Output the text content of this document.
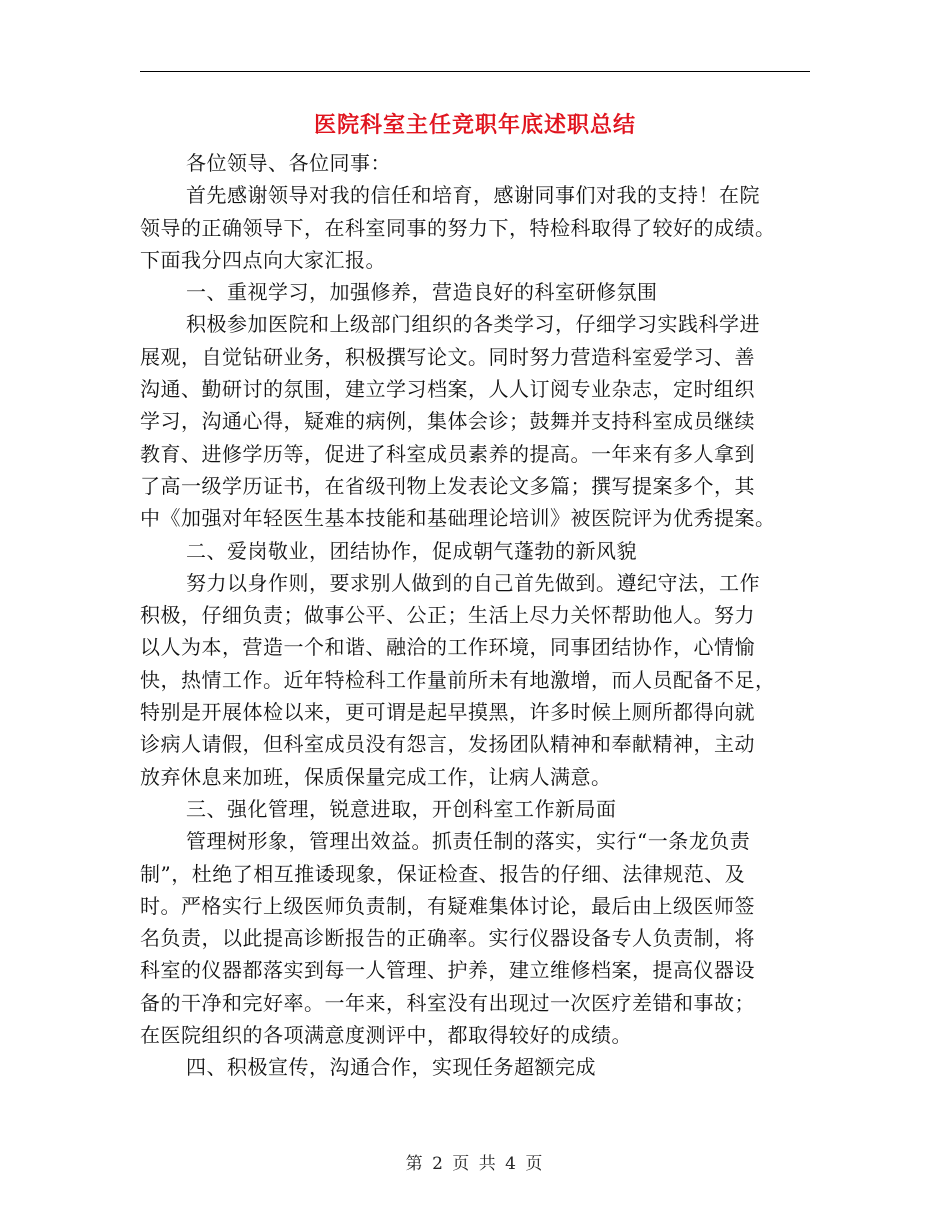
医院科室主任竞职年底述职总结

各位领导、各位同事：

首先感谢领导对我的信任和培育，感谢同事们对我的支持！在院
领导的正确领导下，在科室同事的努力下，特检科取得了较好的成绩。
下面我分四点向大家汇报。

一、重视学习，加强修养，营造良好的科室研修氛围

积极参加医院和上级部门组织的各类学习，仔细学习实践科学进
展观，自觉钻研业务，积极撰写论文。同时努力营造科室爱学习、善
沟通、勤研讨的氛围，建立学习档案，人人订阅专业杂志，定时组织
学习，沟通心得，疑难的病例，集体会诊；鼓舞并支持科室成员继续
教育、进修学历等，促进了科室成员素养的提高。一年来有多人拿到
了高一级学历证书，在省级刊物上发表论文多篇；撰写提案多个，其
中《加强对年轻医生基本技能和基础理论培训》被医院评为优秀提案。

二、爱岗敬业，团结协作，促成朝气蓬勃的新风貌

努力以身作则，要求别人做到的自己首先做到。遵纪守法，工作
积极，仔细负责；做事公平、公正；生活上尽力关怀帮助他人。努力
以人为本，营造一个和谐、融洽的工作环境，同事团结协作，心情愉
快，热情工作。近年特检科工作量前所未有地激增，而人员配备不足，
特别是开展体检以来，更可谓是起早摸黑，许多时候上厕所都得向就
诊病人请假，但科室成员没有怨言，发扬团队精神和奉献精神，主动
放弃休息来加班，保质保量完成工作，让病人满意。

三、强化管理，锐意进取，开创科室工作新局面

管理树形象，管理出效益。抓责任制的落实，实行“一条龙负责
制”，杜绝了相互推诿现象，保证检查、报告的仔细、法律规范、及
时。严格实行上级医师负责制，有疑难集体讨论，最后由上级医师签
名负责，以此提高诊断报告的正确率。实行仪器设备专人负责制，将
科室的仪器都落实到每一人管理、护养，建立维修档案，提高仪器设
备的干净和完好率。一年来，科室没有出现过一次医疗差错和事故；
在医院组织的各项满意度测评中，都取得较好的成绩。

四、积极宣传，沟通合作，实现任务超额完成

第 2 页 共 4 页
